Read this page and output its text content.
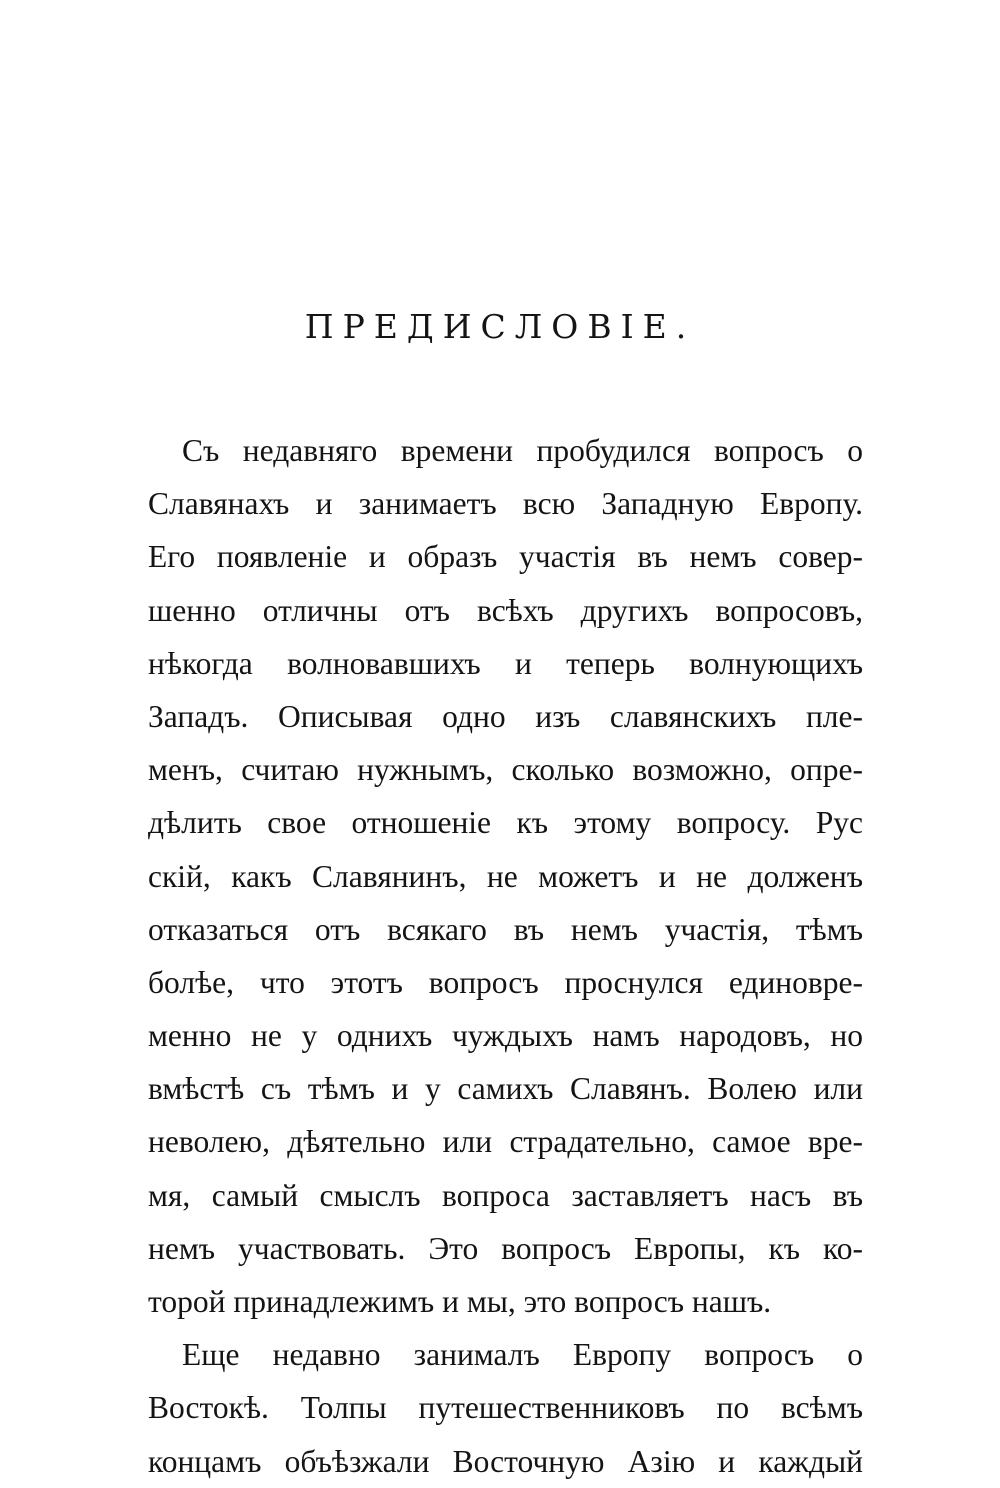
ПРЕДИСЛОВІЕ.
Съ недавняго времени пробудился вопросъ о
Славянахъ и занимаетъ всю Западную Европу.
Его появленіе и образъ участія въ немъ совер-
шенно отличны отъ всѣхъ другихъ вопросовъ,
нѣкогда волновавшихъ и теперь волнующихъ
Западъ. Описывая одно изъ славянскихъ пле-
менъ, считаю нужнымъ, сколько возможно, опре-
дѣлить свое отношеніе къ этому вопросу. Рус
скій, какъ Славянинъ, не можетъ и не долженъ
отказаться отъ всякаго въ немъ участія, тѣмъ
болѣе, что этотъ вопросъ проснулся единовре-
менно не у однихъ чуждыхъ намъ народовъ, но
вмѣстѣ съ тѣмъ и у самихъ Славянъ. Волею или
неволею, дѣятельно или страдательно, самое вре-
мя, самый смыслъ вопроса заставляетъ насъ въ
немъ участвовать. Это вопросъ Европы, къ ко-
торой принадлежимъ и мы, это вопросъ нашъ.
Еще недавно занималъ Европу вопросъ о
Востокѣ. Толпы путешественниковъ по всѣмъ
концамъ объѣзжали Восточную Азію и каждый
